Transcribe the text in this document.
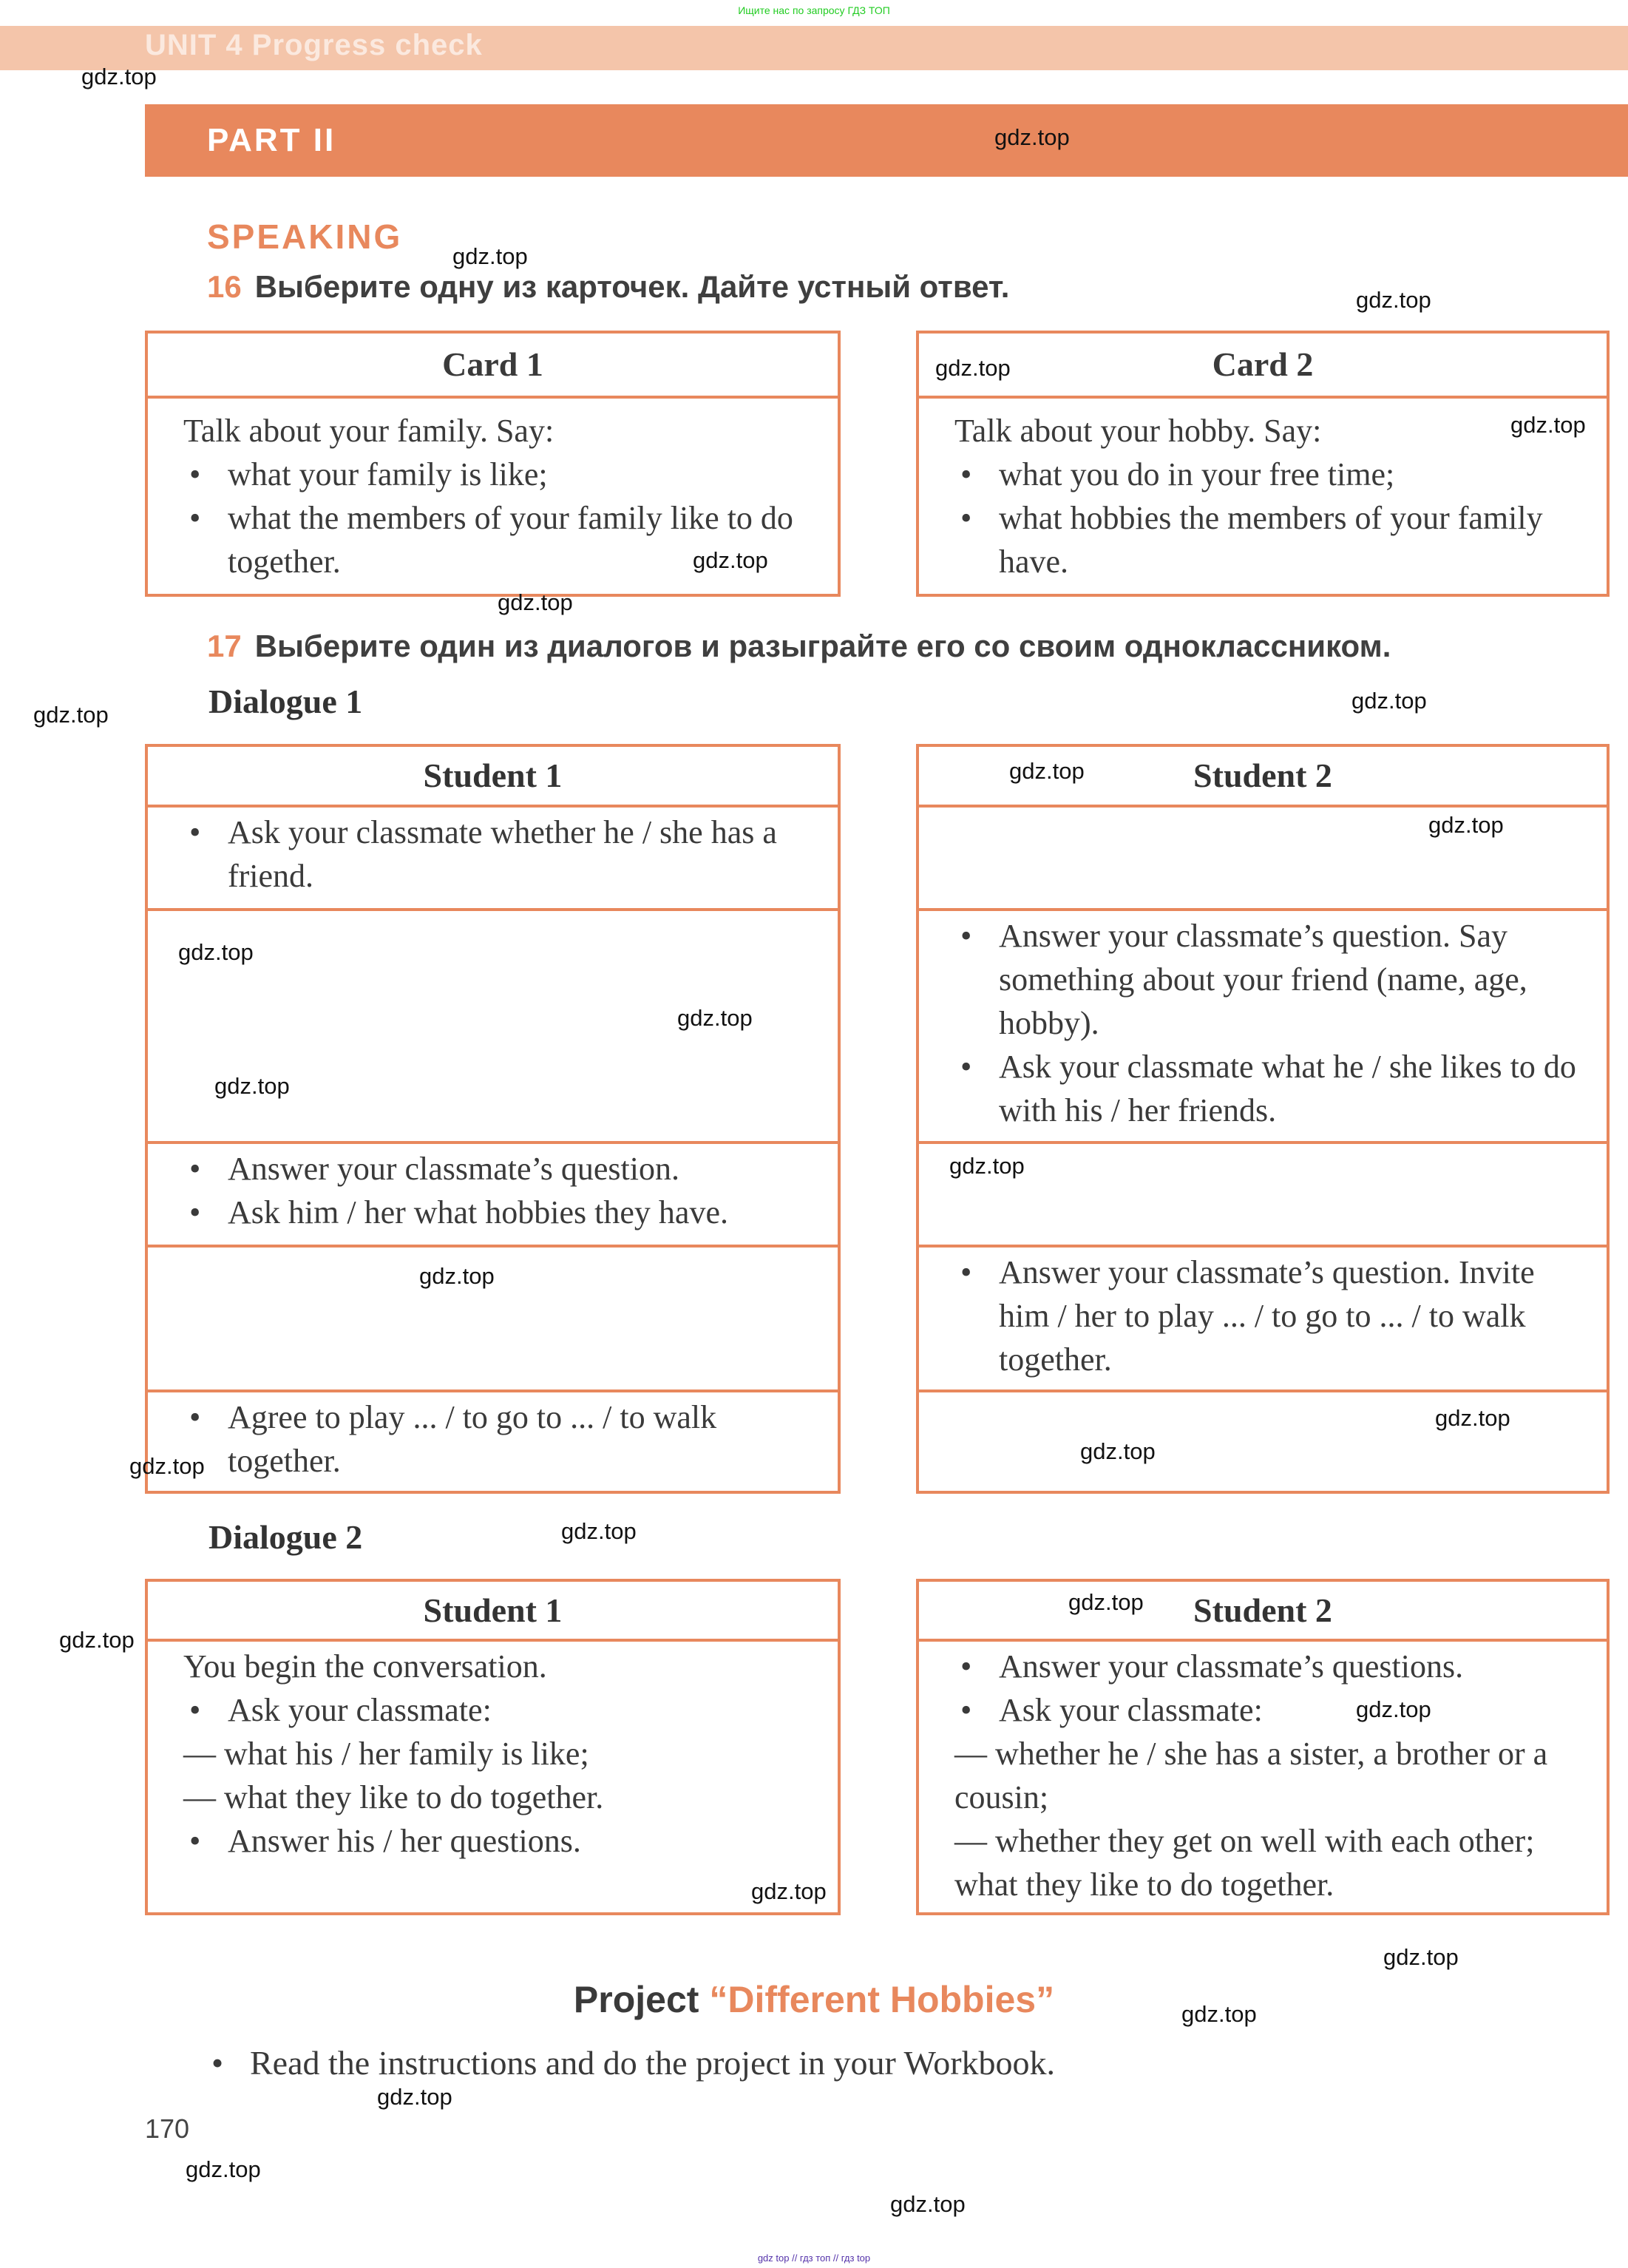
Ищите нас по запросу ГДЗ ТОП
UNIT 4 Progress check
PART II
SPEAKING
16 Выберите одну из карточек. Дайте устный ответ.
Card 1
Talk about your family. Say:
• what your family is like;
• what the members of your family like to do together.
Card 2
Talk about your hobby. Say:
• what you do in your free time;
• what hobbies the members of your family have.
17 Выберите один из диалогов и разыграйте его со своим одноклассником.
Dialogue 1
Student 1	Student 2
• Ask your classmate whether he / she has a friend.
• Answer your classmate’s question.
• Ask him / her what hobbies they have.
• Agree to play ... / to go to ... / to walk together.
• Answer your classmate’s question. Say something about your friend (name, age, hobby).
• Ask your classmate what he / she likes to do with his / her friends.
• Answer your classmate’s question. Invite him / her to play ... / to go to ... / to walk together.
Dialogue 2
Student 1
You begin the conversation.
• Ask your classmate:
— what his / her family is like;
— what they like to do together.
• Answer his / her questions.
Student 2
• Answer your classmate’s questions.
• Ask your classmate:
— whether he / she has a sister, a brother or a cousin;
— whether they get on well with each other; what they like to do together.
Project “Different Hobbies”
• Read the instructions and do the project in your Workbook.
170
gdz top // гдз топ // гдз top
gdz.top
gdz.top
gdz.top
gdz.top
gdz.top
gdz.top
gdz.top
gdz.top
gdz.top
gdz.top
gdz.top
gdz.top
gdz.top
gdz.top
gdz.top
gdz.top
gdz.top
gdz.top
gdz.top
gdz.top
gdz.top
gdz.top
gdz.top
gdz.top
gdz.top
gdz.top
gdz.top
gdz.top
gdz.top
gdz.top
